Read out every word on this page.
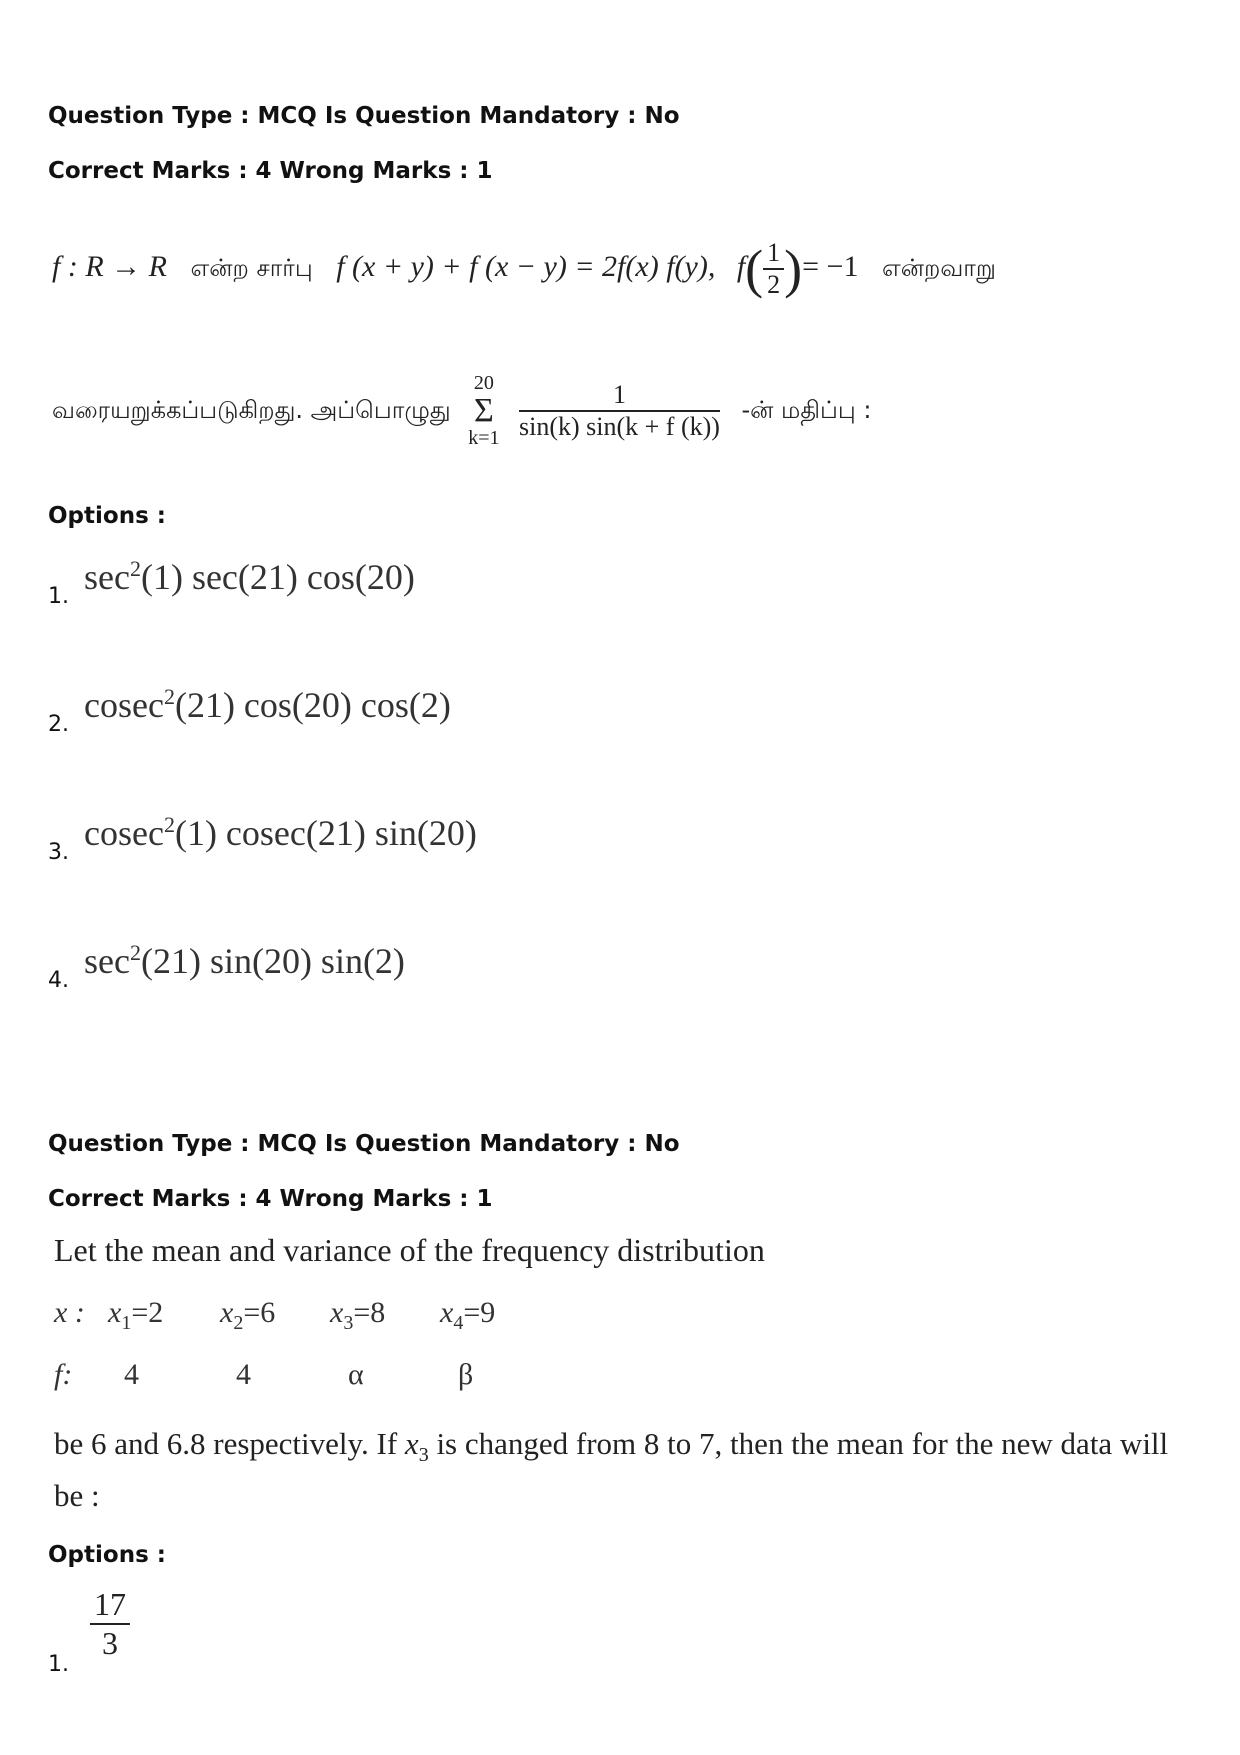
Question Type : MCQ Is Question Mandatory : No
Correct Marks : 4 Wrong Marks : 1
f : R → R என்ற சார்பு f (x + y) + f (x − y) = 2f(x) f(y), $f( \frac{1}{2}$ )= −1 என்றவாறு
வரையறுக்கப்படுகிறது. அப்பொழுது
20
Σ
k=1
$\frac{1}{\sin(k) \sin(k + f (k))}$ -ன் மதிப்பு :
Options :
1. $\sec^2(1)$ sec(21) cos(20)
2. cosec$^2$(21) cos(20) cos(2)
3. cosec$^2$(1) cosec(21) sin(20)
4. $\sec^2(21)$ sin(20) sin(2)
Question Type : MCQ Is Question Mandatory : No
Correct Marks : 4 Wrong Marks : 1
Let the mean and variance of the frequency distribution
x : $x_1=2$ $x_2=6$ $x_3=8$ $x_4=9$
f: 4	4	α	β
be 6 and 6.8 respectively. If $x_3$ is changed from 8 to 7, then the mean for the new data will
be :
Options :
1.
$\frac{17}{3}$
